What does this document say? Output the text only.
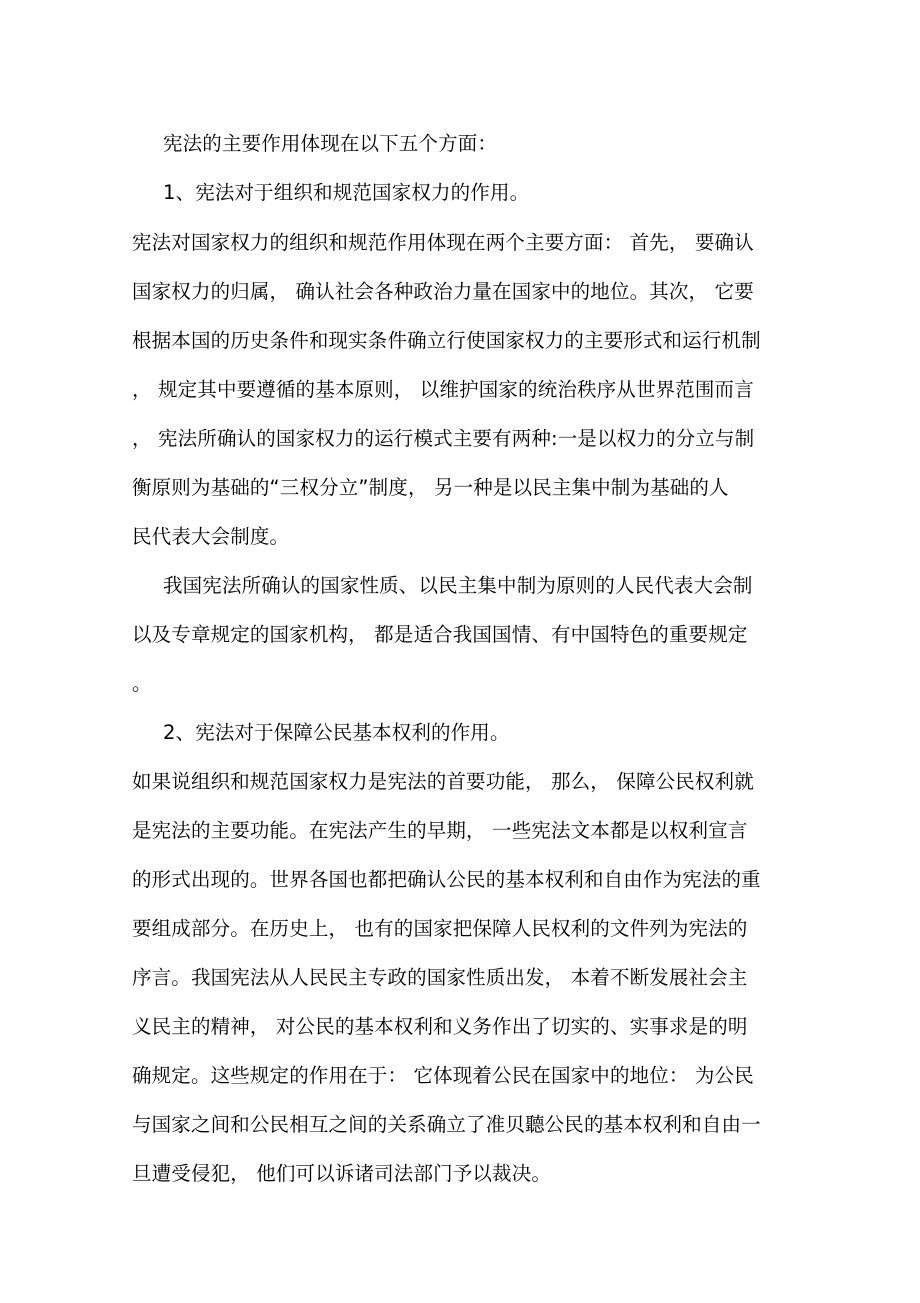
宪法的主要作用体现在以下五个方面：
1、宪法对于组织和规范国家权力的作用。
宪法对国家权力的组织和规范作用体现在两个主要方面： 首先， 要确认
国家权力的归属， 确认社会各种政治力量在国家中的地位。其次， 它要
根据本国的历史条件和现实条件确立行使国家权力的主要形式和运行机制
， 规定其中要遵循的基本原则， 以维护国家的统治秩序从世界范围而言
， 宪法所确认的国家权力的运行模式主要有两种:一是以权力的分立与制
衡原则为基础的“三权分立”制度， 另一种是以民主集中制为基础的人
民代表大会制度。
我国宪法所确认的国家性质、以民主集中制为原则的人民代表大会制
以及专章规定的国家机构， 都是适合我国国情、有中国特色的重要规定
。
2、宪法对于保障公民基本权利的作用。
如果说组织和规范国家权力是宪法的首要功能， 那么， 保障公民权利就
是宪法的主要功能。在宪法产生的早期， 一些宪法文本都是以权利宣言
的形式出现的。世界各国也都把确认公民的基本权利和自由作为宪法的重
要组成部分。在历史上， 也有的国家把保障人民权利的文件列为宪法的
序言。我国宪法从人民民主专政的国家性质出发， 本着不断发展社会主
义民主的精神， 对公民的基本权利和义务作出了切实的、实事求是的明
确规定。这些规定的作用在于： 它体现着公民在国家中的地位： 为公民
与国家之间和公民相互之间的关系确立了准贝聽公民的基本权利和自由一
旦遭受侵犯， 他们可以诉诸司法部门予以裁决。
